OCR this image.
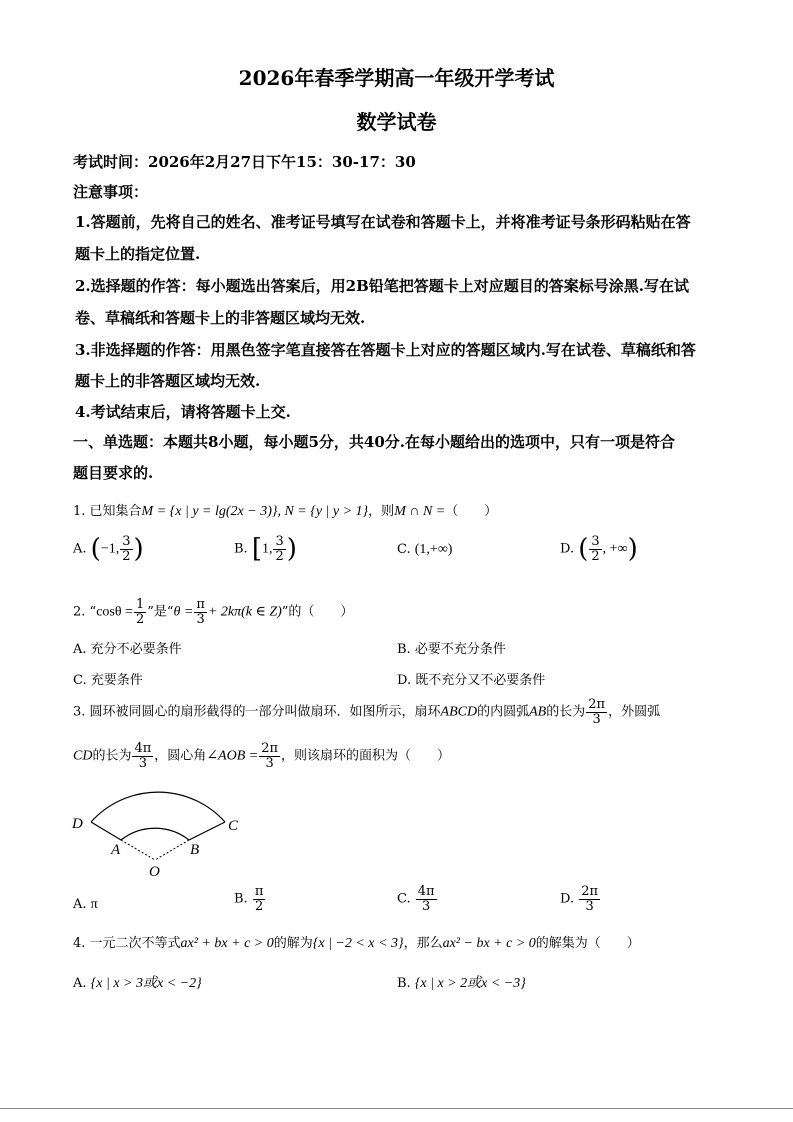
2026年春季学期高一年级开学考试
数学试卷
考试时间：2026年2月27日下午15：30-17：30
注意事项：
1.答题前，先将自己的姓名、准考证号填写在试卷和答题卡上，并将准考证号条形码粘贴在答
题卡上的指定位置.
2.选择题的作答：每小题选出答案后，用2B铅笔把答题卡上对应题目的答案标号涂黑.写在试
卷、草稿纸和答题卡上的非答题区域均无效.
3.非选择题的作答：用黑色签字笔直接答在答题卡上对应的答题区域内.写在试卷、草稿纸和答
题卡上的非答题区域均无效.
4.考试结束后，请将答题卡上交.
一、单选题：本题共8小题，每小题5分，共40分.在每小题给出的选项中，只有一项是符合
题目要求的.
1. 已知集合M = {x | y = lg(2x − 3)}, N = {y | y > 1}，则M ∩ N =（　　）
A. (−1, $\frac{3}{2}$ )	B. [1, $\frac{3}{2}$ )	C. (1,+∞)	D. ( $\frac{3}{2}$ , +∞)
2. “$\cos\theta = \frac{1}{2}$ ”是“$\theta = \frac{\pi}{3} + 2k\pi(k$ ∈ Z)”的（　　）
A. 充分不必要条件	B. 必要不充分条件
C. 充要条件	D. 既不充分又不必要条件
3. 圆环被同圆心的扇形截得的一部分叫做扇环．如图所示，扇环ABCD的内圆弧AB的长为 $\frac{2\pi}{3}$ ，外圆弧
CD的长为 $\frac{4\pi}{3}$ ，圆心角∠AOB = $\frac{2\pi}{3}$ ，则该扇环的面积为（　　）
D	C
A	B
O
A. π	B. $\frac{\pi}{2}$	C. $\frac{4\pi}{3}$	D. $\frac{2\pi}{3}$
4. 一元二次不等式ax² + bx + c > 0的解为{x | −2 < x < 3}，那么ax² − bx + c > 0的解集为（　　）
A. {x | x > 3或x < −2}	B. {x | x > 2或x < −3}
